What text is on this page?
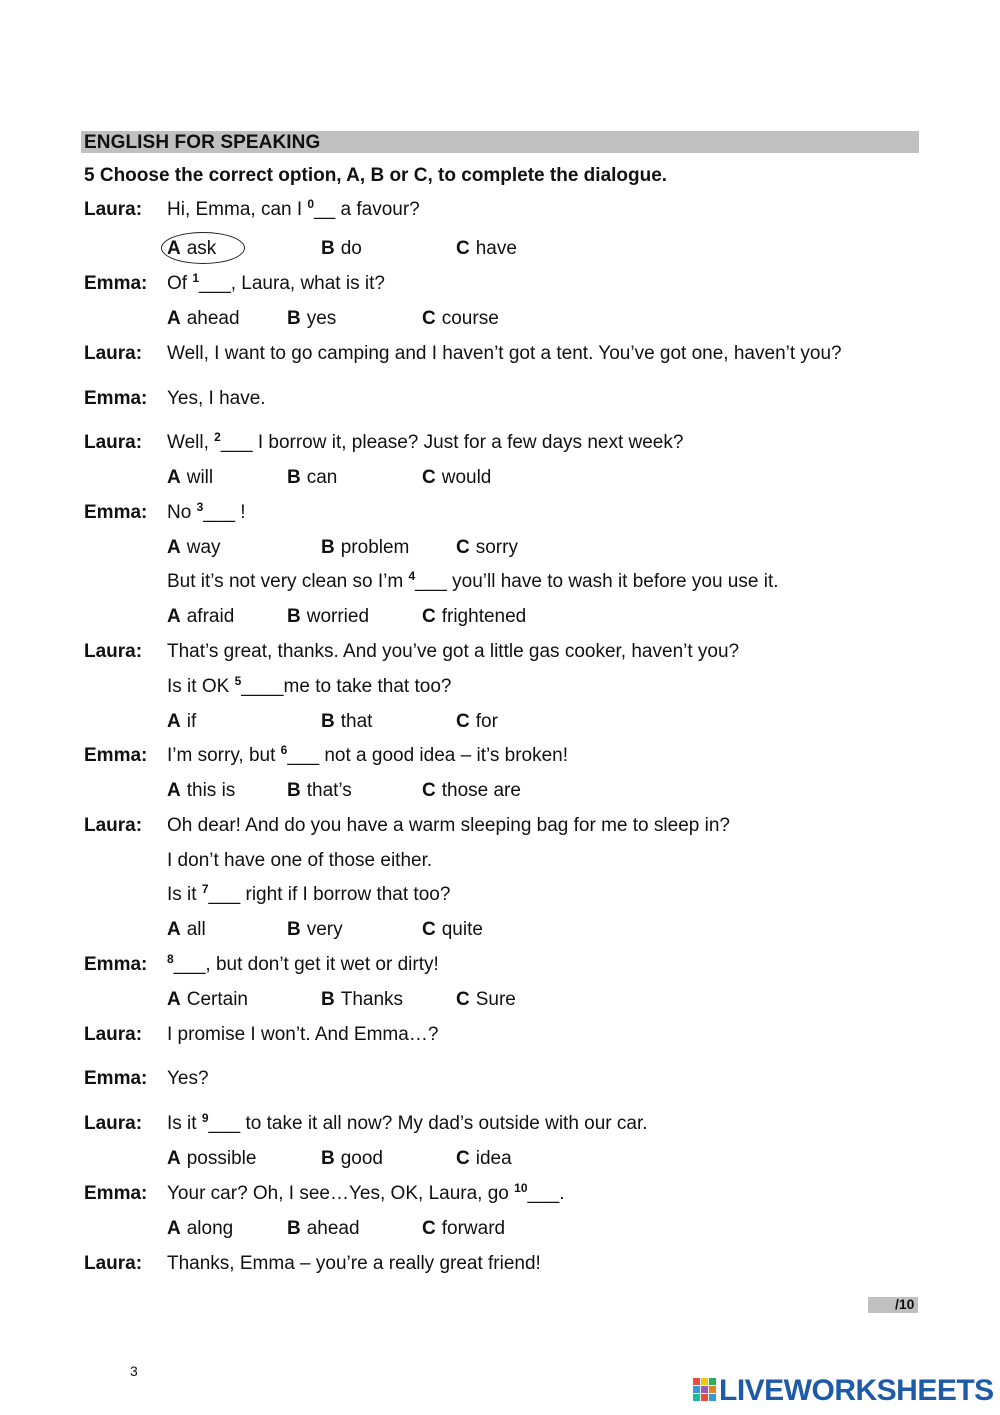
ENGLISH FOR SPEAKING
5 Choose the correct option, A, B or C, to complete the dialogue.
Laura: Hi, Emma, can I $^0$__ a favour?
A ask	B do	C have
Emma: Of $^1$___, Laura, what is it?
A ahead B yes	C course
Laura: Well, I want to go camping and I haven’t got a tent. You’ve got one, haven’t you?
Emma: Yes, I have.
Laura: Well, $^2$___ I borrow it, please? Just for a few days next week?
A will	B can	C would
Emma: No $^3$___ !
A way	B problem C sorry
But it’s not very clean so I’m $^4$___ you’ll have to wash it before you use it.
A afraid	B worried	C frightened
Laura: That’s great, thanks. And you’ve got a little gas cooker, haven’t you?
Is it OK $^5$____me to take that too?
A if	B that	C for
Emma: I’m sorry, but $^6$___ not a good idea – it’s broken!
A this is	B that’s	C those are
Laura: Oh dear! And do you have a warm sleeping bag for me to sleep in?
I don’t have one of those either.
Is it $^7$___ right if I borrow that too?
A all	B very	C quite
Emma: $^8$___, but don’t get it wet or dirty!
A Certain	B Thanks	C Sure
Laura: I promise I won’t. And Emma…?
Emma: Yes?
Laura: Is it $^9$___ to take it all now? My dad’s outside with our car.
A possible	B good	C idea
Emma: Your car? Oh, I see…Yes, OK, Laura, go $^{10}$___.
A along	B ahead	C forward
Laura: Thanks, Emma – you’re a really great friend!
/10
3
LIVEWORKSHEETS
